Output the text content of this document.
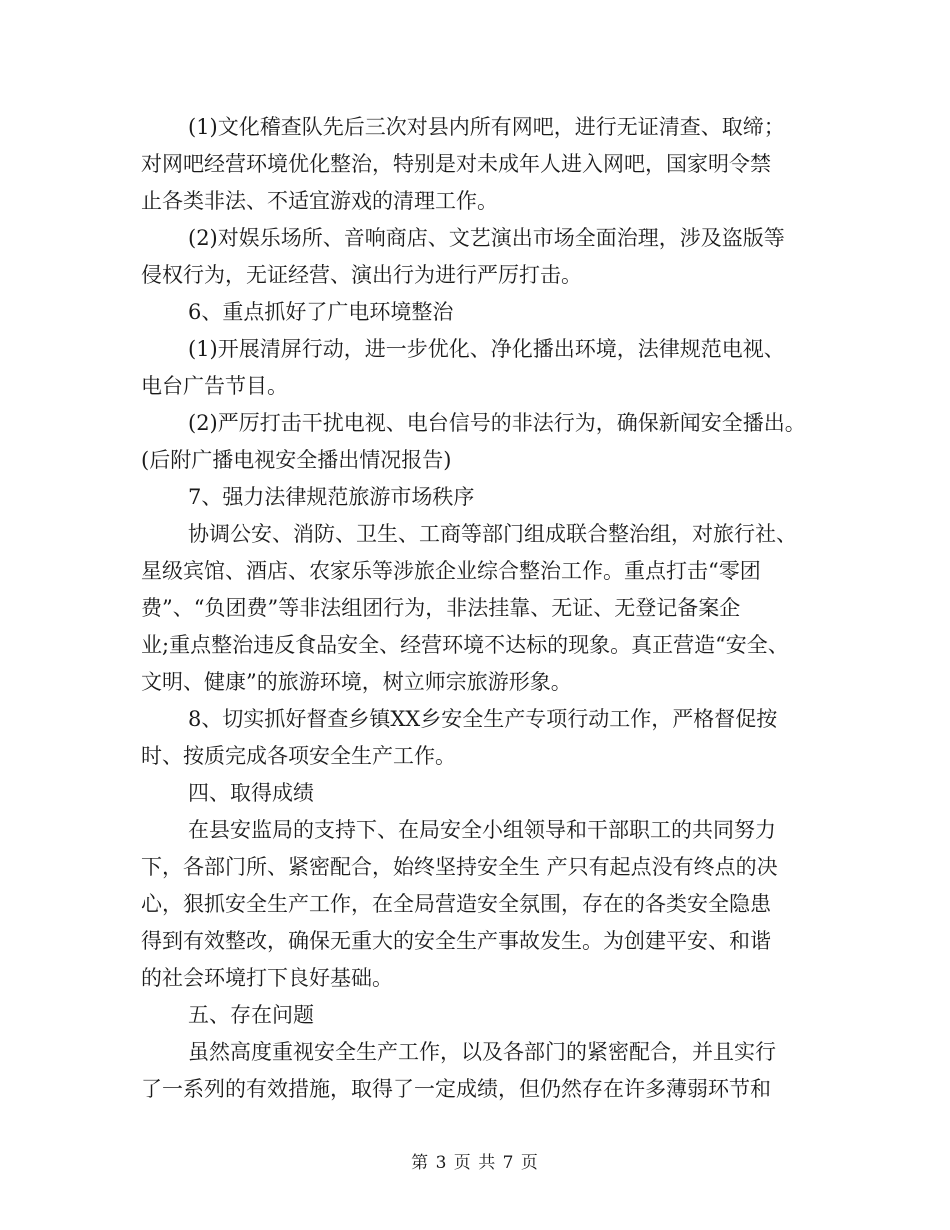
(1)文化稽查队先后三次对县内所有网吧，进行无证清查、取缔；
对网吧经营环境优化整治，特别是对未成年人进入网吧，国家明令禁
止各类非法、不适宜游戏的清理工作。
(2)对娱乐场所、音响商店、文艺演出市场全面治理，涉及盗版等
侵权行为，无证经营、演出行为进行严厉打击。
6、重点抓好了广电环境整治
(1)开展清屏行动，进一步优化、净化播出环境，法律规范电视、
电台广告节目。
(2)严厉打击干扰电视、电台信号的非法行为，确保新闻安全播出。
(后附广播电视安全播出情况报告)
7、强力法律规范旅游市场秩序
协调公安、消防、卫生、工商等部门组成联合整治组，对旅行社、
星级宾馆、酒店、农家乐等涉旅企业综合整治工作。重点打击“零团
费”、“负团费”等非法组团行为，非法挂靠、无证、无登记备案企
业;重点整治违反食品安全、经营环境不达标的现象。真正营造“安全、
文明、健康”的旅游环境，树立师宗旅游形象。
8、切实抓好督查乡镇XX乡安全生产专项行动工作，严格督促按
时、按质完成各项安全生产工作。
四、取得成绩
在县安监局的支持下、在局安全小组领导和干部职工的共同努力
下，各部门所、紧密配合，始终坚持安全生 产只有起点没有终点的决
心，狠抓安全生产工作，在全局营造安全氛围，存在的各类安全隐患
得到有效整改，确保无重大的安全生产事故发生。为创建平安、和谐
的社会环境打下良好基础。
五、存在问题
虽然高度重视安全生产工作，以及各部门的紧密配合，并且实行
了一系列的有效措施，取得了一定成绩，但仍然存在许多薄弱环节和
第 3 页 共 7 页
